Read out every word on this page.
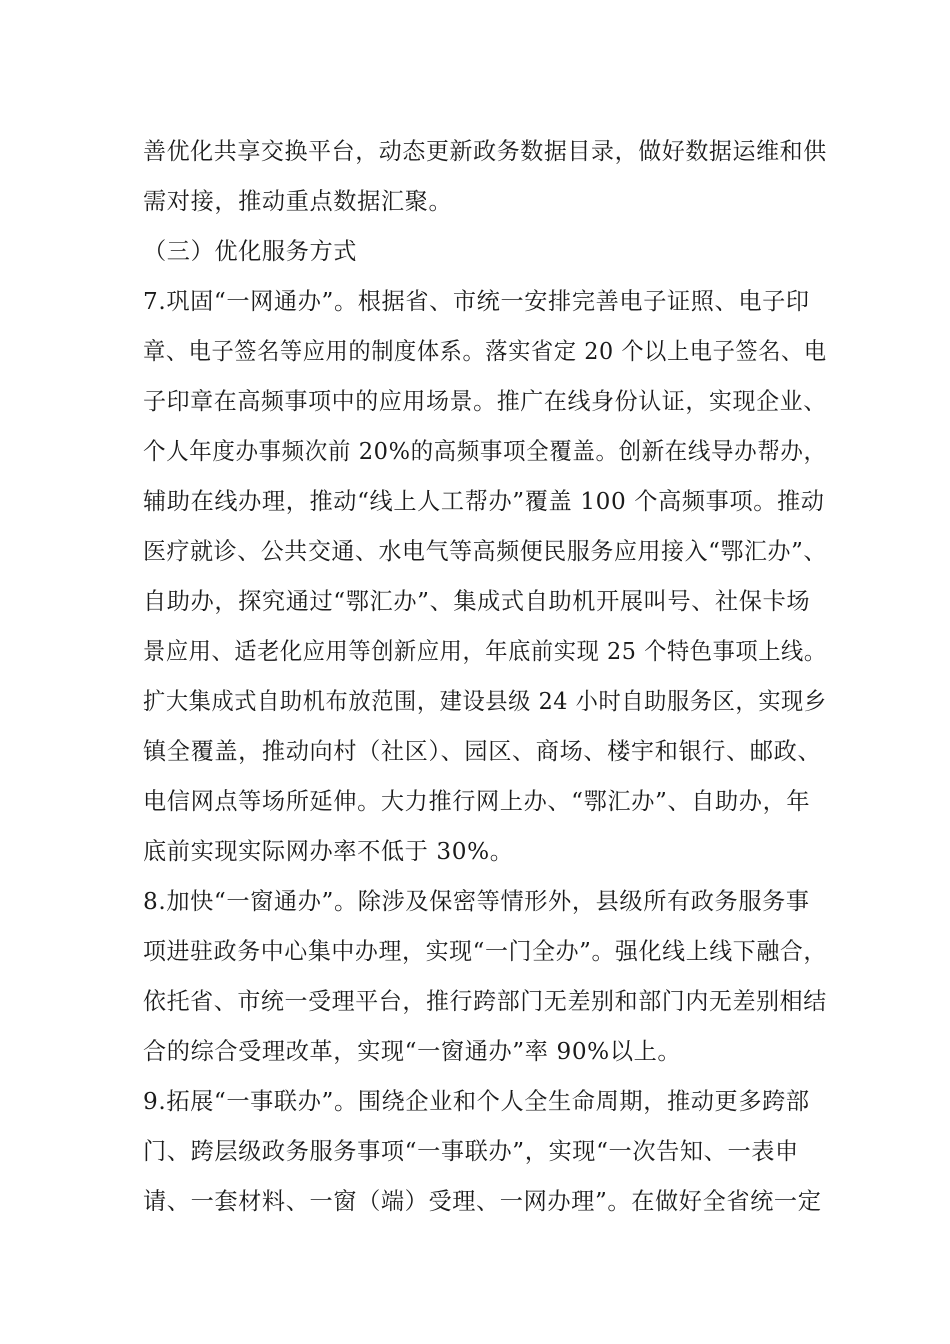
善优化共享交换平台，动态更新政务数据目录，做好数据运维和供
需对接，推动重点数据汇聚。
（三）优化服务方式
7.巩固“一网通办”。根据省、市统一安排完善电子证照、电子印
章、电子签名等应用的制度体系。落实省定 20 个以上电子签名、电
子印章在高频事项中的应用场景。推广在线身份认证，实现企业、
个人年度办事频次前 20%的高频事项全覆盖。创新在线导办帮办，
辅助在线办理，推动“线上人工帮办”覆盖 100 个高频事项。推动
医疗就诊、公共交通、水电气等高频便民服务应用接入“鄂汇办”、
自助办，探究通过“鄂汇办”、集成式自助机开展叫号、社保卡场
景应用、适老化应用等创新应用，年底前实现 25 个特色事项上线。
扩大集成式自助机布放范围，建设县级 24 小时自助服务区，实现乡
镇全覆盖，推动向村（社区）、园区、商场、楼宇和银行、邮政、
电信网点等场所延伸。大力推行网上办、“鄂汇办”、自助办，年
底前实现实际网办率不低于 30%。
8.加快“一窗通办”。除涉及保密等情形外，县级所有政务服务事
项进驻政务中心集中办理，实现“一门全办”。强化线上线下融合，
依托省、市统一受理平台，推行跨部门无差别和部门内无差别相结
合的综合受理改革，实现“一窗通办”率 90%以上。
9.拓展“一事联办”。围绕企业和个人全生命周期，推动更多跨部
门、跨层级政务服务事项“一事联办”，实现“一次告知、一表申
请、一套材料、一窗（端）受理、一网办理”。在做好全省统一定
